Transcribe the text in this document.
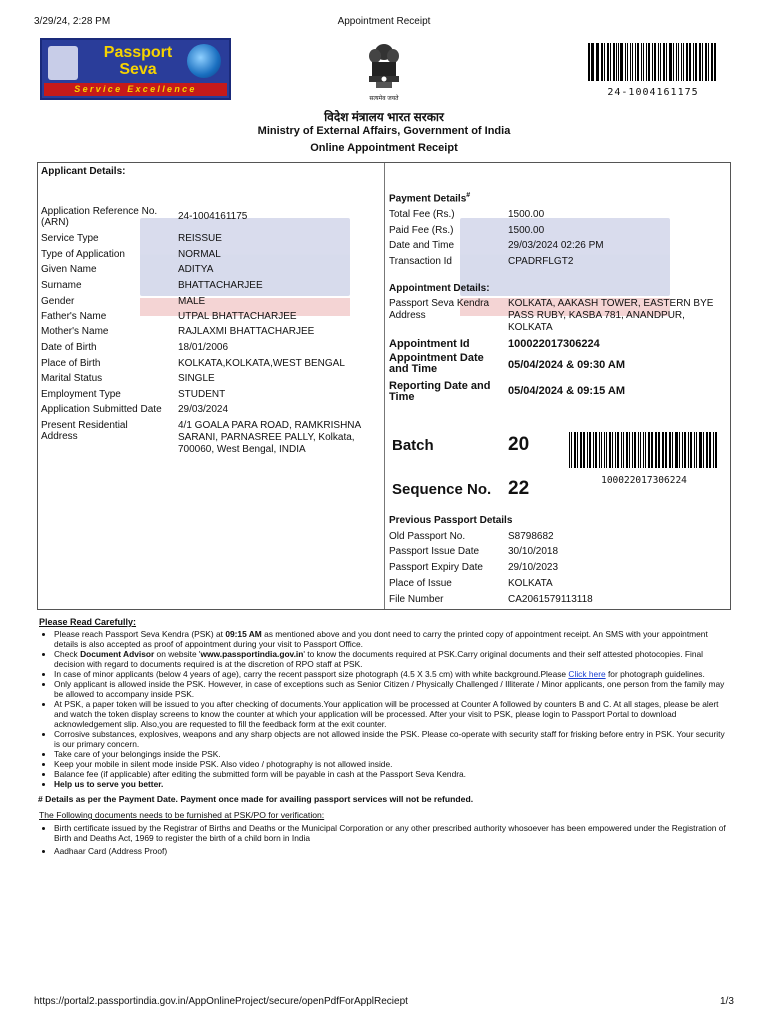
3/29/24, 2:28 PM	Appointment Receipt
Passport
Seva
Service Excellence
सत्यमेव जयते
24-1004161175
विदेश मंत्रालय भारत सरकार
Ministry of External Affairs, Government of India
Online Appointment Receipt
Applicant Details:
Application Reference No. (ARN)
24-1004161175
Service Type	REISSUE
Type of Application	NORMAL
Given Name	ADITYA
Surname	BHATTACHARJEE
Gender	MALE
Father's Name	UTPAL BHATTACHARJEE
Mother's Name	RAJLAXMI BHATTACHARJEE
Date of Birth	18/01/2006
Place of Birth	KOLKATA,KOLKATA,WEST BENGAL
Marital Status	SINGLE
Employment Type	STUDENT
Application Submitted Date 29/03/2024
Present Residential Address
4/1 GOALA PARA ROAD, RAMKRISHNA SARANI, PARNASREE PALLY, Kolkata, 700060, West Bengal, INDIA
Payment Details#
Total Fee (Rs.)	1500.00
Paid Fee (Rs.)	1500.00
Date and Time	29/03/2024 02:26 PM
Transaction Id	CPADRFLGT2
Appointment Details:
Passport Seva Kendra Address
KOLKATA, AAKASH TOWER, EASTERN BYE PASS RUBY, KASBA 781, ANANDPUR, KOLKATA
Appointment Id	100022017306224
Appointment Date and Time	05/04/2024 & 09:30 AM
Reporting Date and Time	05/04/2024 & 09:15 AM
Batch	20
Sequence No. 22	100022017306224
Previous Passport Details
Old Passport No.	S8798682
Passport Issue Date	30/10/2018
Passport Expiry Date	29/10/2023
Place of Issue	KOLKATA
File Number	CA2061579113118
Please Read Carefully:
• Please reach Passport Seva Kendra (PSK) at 09:15 AM as mentioned above and you dont need to carry the printed copy of appointment receipt. An SMS with your appointment details is also accepted as proof of appointment during your visit to Passport Office.
• Check Document Advisor on website 'www.passportindia.gov.in' to know the documents required at PSK.Carry original documents and their self attested photocopies. Final decision with regard to documents required is at the discretion of RPO staff at PSK.
• In case of minor applicants (below 4 years of age), carry the recent passport size photograph (4.5 X 3.5 cm) with white background.Please Click here for photograph guidelines.
• Only applicant is allowed inside the PSK. However, in case of exceptions such as Senior Citizen / Physically Challenged / Illiterate / Minor applicants, one person from the family may be allowed to accompany inside PSK.
• At PSK, a paper token will be issued to you after checking of documents.Your application will be processed at Counter A followed by counters B and C. At all stages, please be alert and watch the token display screens to know the counter at which your application will be processed. After your visit to PSK, please login to Passport Portal to download acknowledgement slip. Also,you are requested to fill the feedback form at the exit counter.
• Corrosive substances, explosives, weapons and any sharp objects are not allowed inside the PSK. Please co-operate with security staff for frisking before entry in PSK. Your security is our primary concern.
• Take care of your belongings inside the PSK.
• Keep your mobile in silent mode inside PSK. Also video / photography is not allowed inside.
• Balance fee (if applicable) after editing the submitted form will be payable in cash at the Passport Seva Kendra.
• Help us to serve you better.
# Details as per the Payment Date. Payment once made for availing passport services will not be refunded.
The Following documents needs to be furnished at PSK/PO for verification:
• Birth certificate issued by the Registrar of Births and Deaths or the Municipal Corporation or any other prescribed authority whosoever has been empowered under the Registration of Birth and Deaths Act, 1969 to register the birth of a child born in India
• Aadhaar Card (Address Proof)
https://portal2.passportindia.gov.in/AppOnlineProject/secure/openPdfForApplReciept	1/3
